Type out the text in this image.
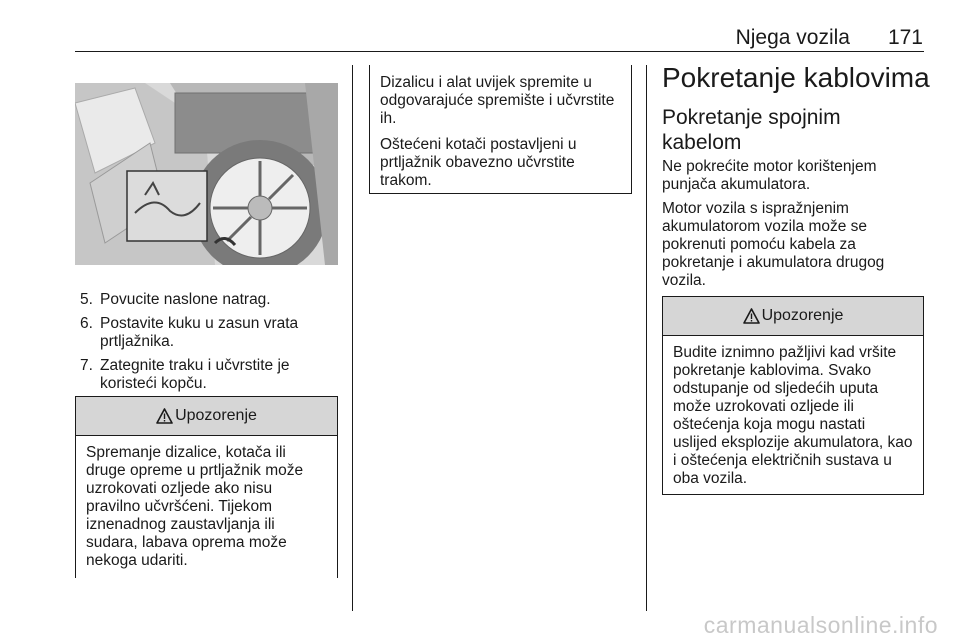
Njega vozila 171
5. Povucite naslone natrag.
6. Postavite kuku u zasun vrata prtljažnika.
7. Zategnite traku i učvrstite je koristeći kopču.
Upozorenje
Spremanje dizalice, kotača ili druge opreme u prtljažnik može uzrokovati ozljede ako nisu pravilno učvršćeni. Tijekom iznenadnog zaustavljanja ili sudara, labava oprema može nekoga udariti.

Dizalicu i alat uvijek spremite u odgovarajuće spremište i učvrstite ih.

Oštećeni kotači postavljeni u prtljažnik obavezno učvrstite trakom.

Pokretanje kablovima
Pokretanje spojnim kabelom

Ne pokrećite motor korištenjem punjača akumulatora.

Motor vozila s ispražnjenim akumulatorom vozila može se pokrenuti pomoću kabela za pokretanje i akumulatora drugog vozila.

Upozorenje
Budite iznimno pažljivi kad vršite pokretanje kablovima. Svako odstupanje od sljedećih uputa može uzrokovati ozljede ili oštećenja koja mogu nastati uslijed eksplozije akumulatora, kao i oštećenja električnih sustava u oba vozila.
carmanualsonline.info
